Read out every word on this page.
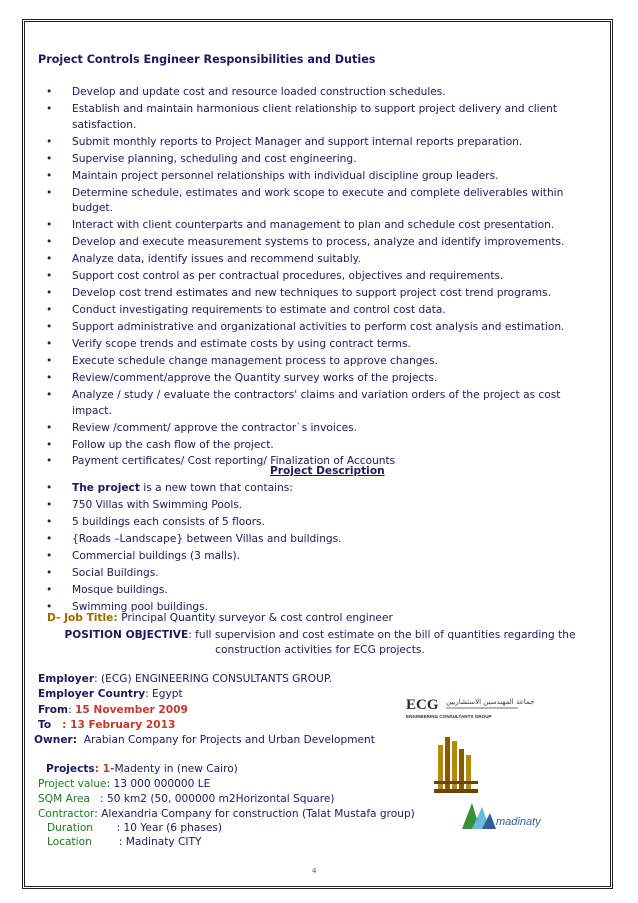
Project Controls Engineer Responsibilities and Duties

• Develop and update cost and resource loaded construction schedules.
• Establish and maintain harmonious client relationship to support project delivery and client satisfaction.
• Submit monthly reports to Project Manager and support internal reports preparation.
• Supervise planning, scheduling and cost engineering.
• Maintain project personnel relationships with individual discipline group leaders.
• Determine schedule, estimates and work scope to execute and complete deliverables within budget.
• Interact with client counterparts and management to plan and schedule cost presentation.
• Develop and execute measurement systems to process, analyze and identify improvements.
• Analyze data, identify issues and recommend suitably.
• Support cost control as per contractual procedures, objectives and requirements.
• Develop cost trend estimates and new techniques to support project cost trend programs.
• Conduct investigating requirements to estimate and control cost data.
• Support administrative and organizational activities to perform cost analysis and estimation.
• Verify scope trends and estimate costs by using contract terms.
• Execute schedule change management process to approve changes.
• Review/comment/approve the Quantity survey works of the projects.
• Analyze / study / evaluate the contractors' claims and variation orders of the project as cost impact.
• Review /comment/ approve the contractor`s invoices.
• Follow up the cash flow of the project.
• Payment certificates/ Cost reporting/ Finalization of Accounts

Project Description

• The project is a new town that contains:
• 750 Villas with Swimming Pools.
• 5 buildings each consists of 5 floors.
• {Roads –Landscape} between Villas and buildings.
• Commercial buildings (3 malls).
• Social Buildings.
• Mosque buildings.
• Swimming pool buildings.
D- Job Title: Principal Quantity surveyor & cost control engineer
POSITION OBJECTIVE: full supervision and cost estimate on the bill of quantities regarding the construction activities for ECG projects.
Employer: (ECG) ENGINEERING CONSULTANTS GROUP.
Employer Country: Egypt
From: 15 November 2009
To   : 13 February 2013
Owner:  Arabian Company for Projects and Urban Development
Projects: 1-Madenty in (new Cairo)
Project value: 13 000 000000 LE
SQM Area   : 50 km2 (50, 000000 m2Horizontal Square)
Contractor: Alexandria Company for construction (Talat Mustafa group)
Duration       : 10 Year (6 phases)
Location        : Madinaty CITY
ECG جماعة المهندسين الاستشاريين
ENGINEERING CONSULTANTS GROUP
madinaty
4
